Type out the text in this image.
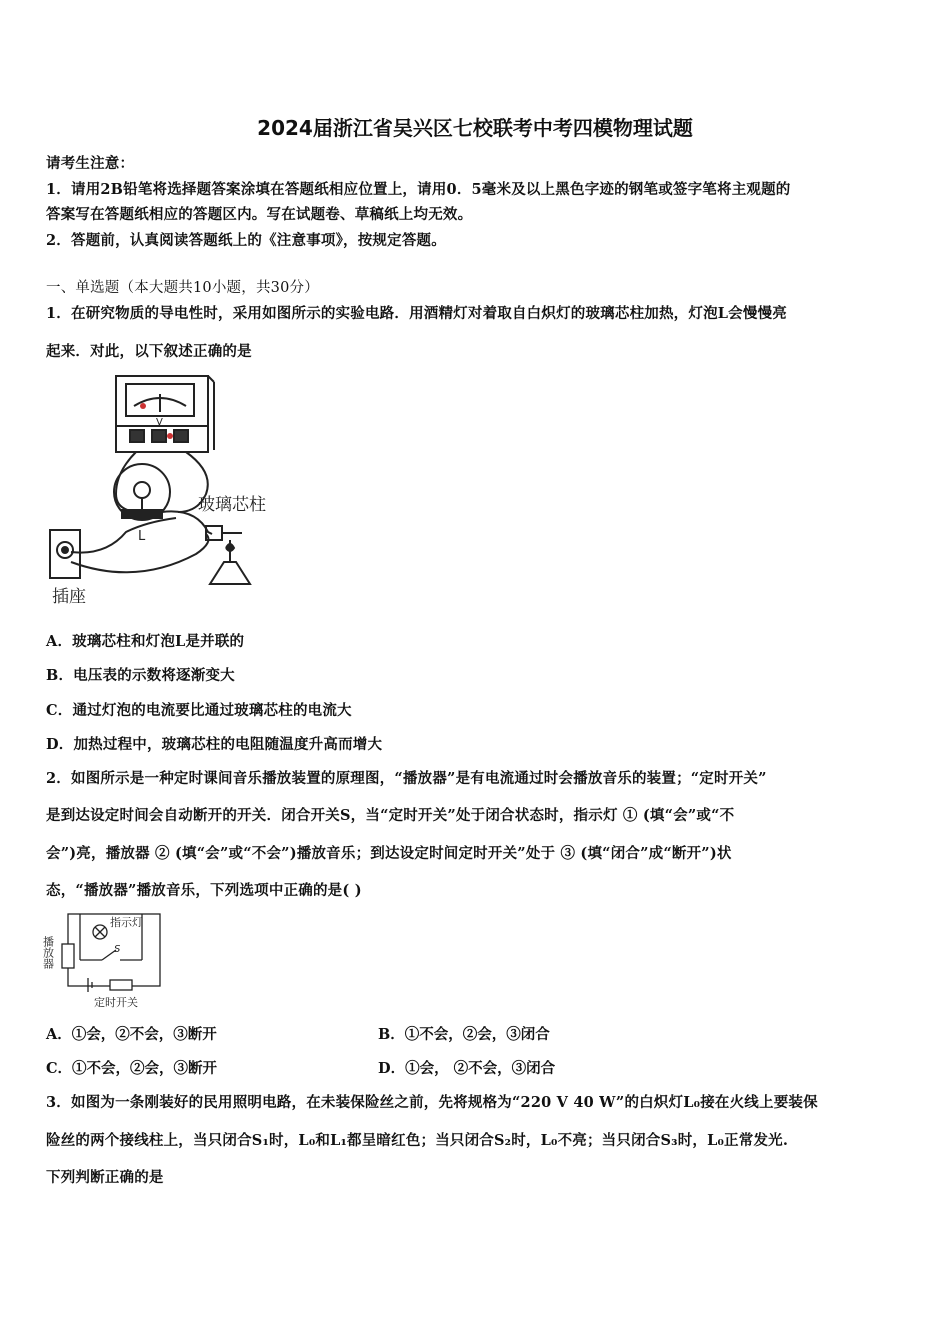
2024届浙江省吴兴区七校联考中考四模物理试题
请考生注意：
1．请用2B铅笔将选择题答案涂填在答题纸相应位置上，请用0．5毫米及以上黑色字迹的钢笔或签字笔将主观题的
答案写在答题纸相应的答题区内。写在试题卷、草稿纸上均无效。
2．答题前，认真阅读答题纸上的《注意事项》，按规定答题。
一、单选题（本大题共10小题，共30分）
1．在研究物质的导电性时，采用如图所示的实验电路．用酒精灯对着取自白炽灯的玻璃芯柱加热，灯泡L会慢慢亮
起来．对此，以下叙述正确的是
V
L
插座
玻璃芯柱
A．玻璃芯柱和灯泡L是并联的
B．电压表的示数将逐渐变大
C．通过灯泡的电流要比通过玻璃芯柱的电流大
D．加热过程中，玻璃芯柱的电阻随温度升高而增大
2．如图所示是一种定时课间音乐播放装置的原理图，“播放器”是有电流通过时会播放音乐的装置；“定时开关”
是到达设定时间会自动断开的开关．闭合开关S，当“定时开关”处于闭合状态时，指示灯 ① (填“会”或“不
会”)亮，播放器 ② (填“会”或“不会”)播放音乐；到达设定时间定时开关”处于 ③ (填“闭合”成“断开”)状
态，“播放器”播放音乐，下列选项中正确的是( )
指示灯
S
定时开关
播放器
A．①会，②不会，③断开	B．①不会，②会，③闭合
C．①不会，②会，③断开	D．①会， ②不会，③闭合
3．如图为一条刚装好的民用照明电路，在未装保险丝之前，先将规格为“220 V 40 W”的白炽灯L₀接在火线上要装保
险丝的两个接线柱上，当只闭合S₁时，L₀和L₁都呈暗红色；当只闭合S₂时，L₀不亮；当只闭合S₃时，L₀正常发光.
下列判断正确的是
